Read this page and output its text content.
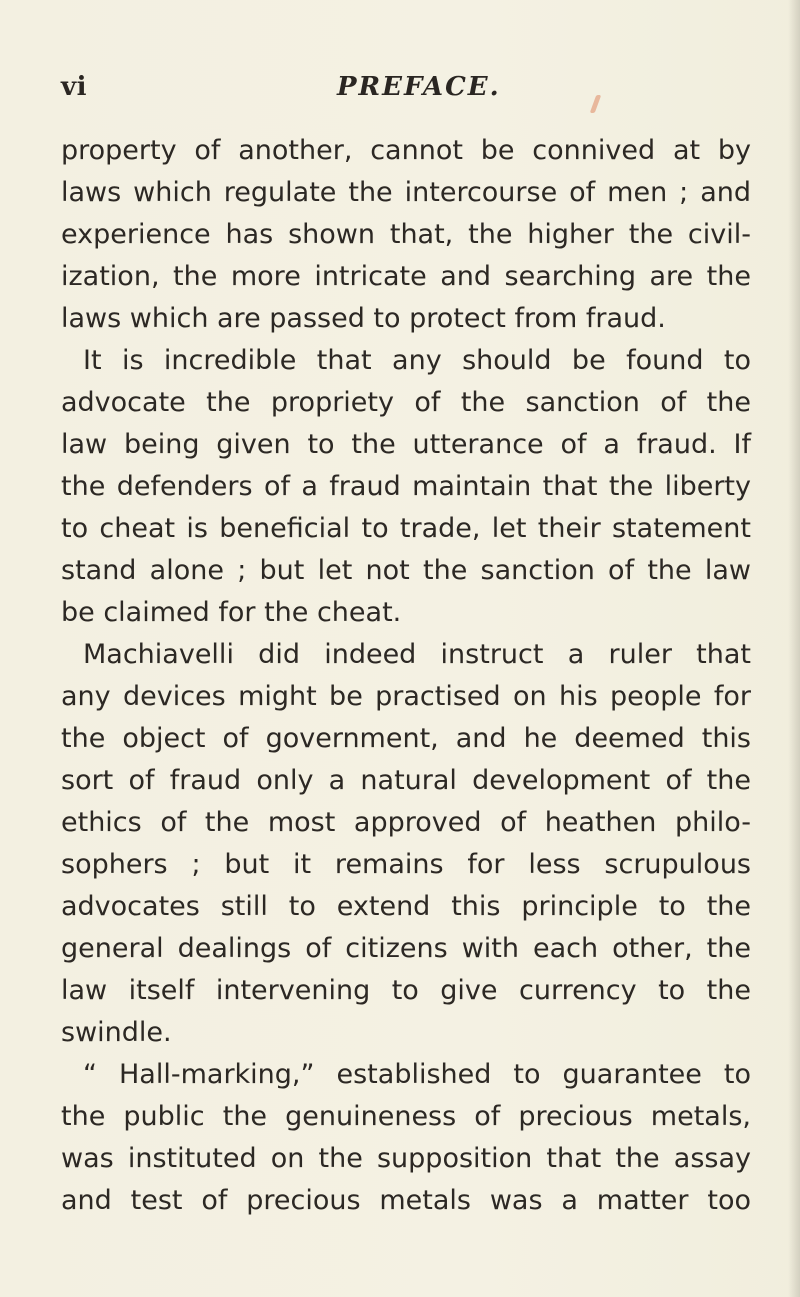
vi	PREFACE.
property of another, cannot be connived at by
laws which regulate the intercourse of men ; and
experience has shown that, the higher the civil-
ization, the more intricate and searching are the
laws which are passed to protect from fraud.
It is incredible that any should be found to
advocate the propriety of the sanction of the
law being given to the utterance of a fraud. If
the defenders of a fraud maintain that the liberty
to cheat is beneficial to trade, let their statement
stand alone ; but let not the sanction of the law
be claimed for the cheat.
Machiavelli did indeed instruct a ruler that
any devices might be practised on his people for
the object of government, and he deemed this
sort of fraud only a natural development of the
ethics of the most approved of heathen philo-
sophers ; but it remains for less scrupulous
advocates still to extend this principle to the
general dealings of citizens with each other, the
law itself intervening to give currency to the
swindle.
“ Hall-marking,” established to guarantee to
the public the genuineness of precious metals,
was instituted on the supposition that the assay
and test of precious metals was a matter too
